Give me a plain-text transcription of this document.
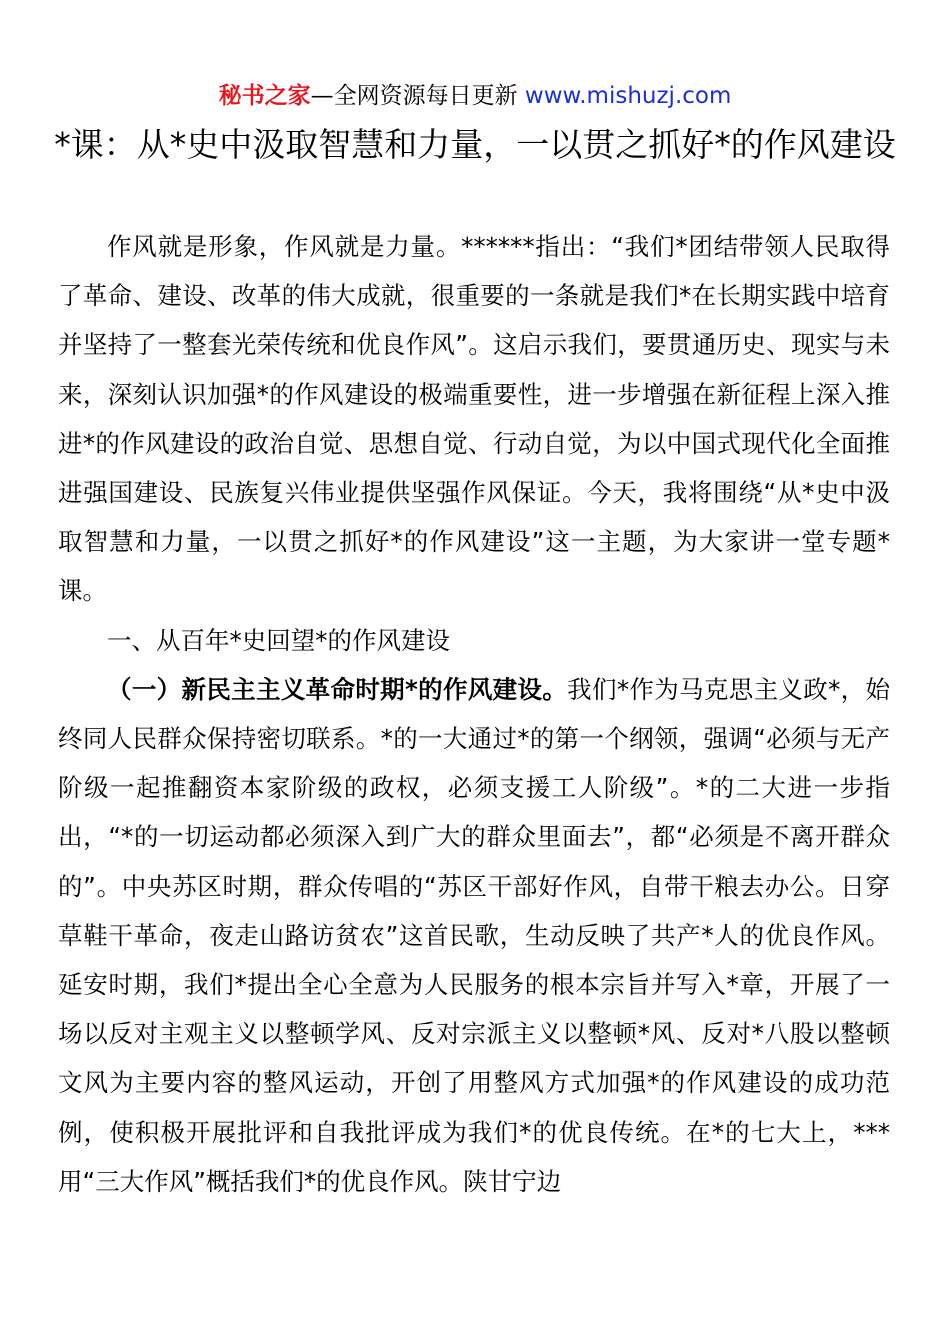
秘书之家—全网资源每日更新 www.mishuzj.com
*课：从*史中汲取智慧和力量，一以贯之抓好*的作风建设

作风就是形象，作风就是力量。******指出：“我们*团结带领人民取得了革命、建设、改革的伟大成就，很重要的一条就是我们*在长期实践中培育并坚持了一整套光荣传统和优良作风”。这启示我们，要贯通历史、现实与未来，深刻认识加强*的作风建设的极端重要性，进一步增强在新征程上深入推进*的作风建设的政治自觉、思想自觉、行动自觉，为以中国式现代化全面推进强国建设、民族复兴伟业提供坚强作风保证。今天，我将围绕“从*史中汲取智慧和力量，一以贯之抓好*的作风建设”这一主题，为大家讲一堂专题*课。

一、从百年*史回望*的作风建设

（一）新民主主义革命时期*的作风建设。我们*作为马克思主义政*，始终同人民群众保持密切联系。*的一大通过*的第一个纲领，强调“必须与无产阶级一起推翻资本家阶级的政权，必须支援工人阶级”。*的二大进一步指出，“*的一切运动都必须深入到广大的群众里面去”，都“必须是不离开群众的”。中央苏区时期，群众传唱的“苏区干部好作风，自带干粮去办公。日穿草鞋干革命，夜走山路访贫农”这首民歌，生动反映了共产*人的优良作风。延安时期，我们*提出全心全意为人民服务的根本宗旨并写入*章，开展了一场以反对主观主义以整顿学风、反对宗派主义以整顿*风、反对*八股以整顿文风为主要内容的整风运动，开创了用整风方式加强*的作风建设的成功范例，使积极开展批评和自我批评成为我们*的优良传统。在*的七大上，***用“三大作风”概括我们*的优良作风。陕甘宁边
